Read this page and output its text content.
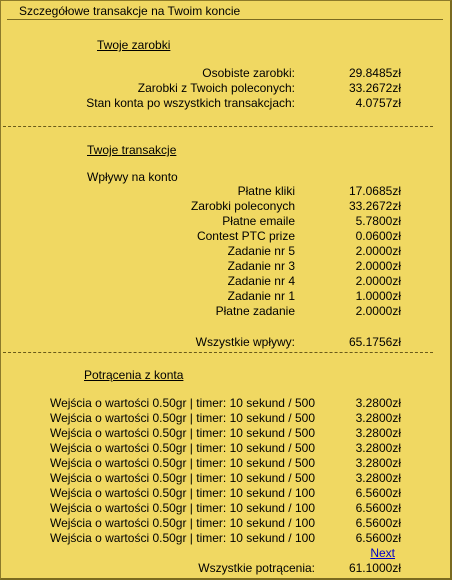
Szczegółowe transakcje na Twoim koncie
Twoje zarobki
Osobiste zarobki:	29.8485zł
Zarobki z Twoich poleconych:	33.2672zł
Stan konta po wszystkich transakcjach:	4.0757zł
Twoje transakcje
Wpływy na konto
Płatne kliki	17.0685zł
Zarobki poleconych	33.2672zł
Płatne emaile	5.7800zł
Contest PTC prize	0.0600zł
Zadanie nr 5	2.0000zł
Zadanie nr 3	2.0000zł
Zadanie nr 4	2.0000zł
Zadanie nr 1	1.0000zł
Płatne zadanie	2.0000zł
Wszystkie wpływy:	65.1756zł
Potrącenia z konta
Wejścia o wartości 0.50gr | timer: 10 sekund / 500	3.2800zł
Wejścia o wartości 0.50gr | timer: 10 sekund / 500	3.2800zł
Wejścia o wartości 0.50gr | timer: 10 sekund / 500	3.2800zł
Wejścia o wartości 0.50gr | timer: 10 sekund / 500	3.2800zł
Wejścia o wartości 0.50gr | timer: 10 sekund / 500	3.2800zł
Wejścia o wartości 0.50gr | timer: 10 sekund / 500	3.2800zł
Wejścia o wartości 0.50gr | timer: 10 sekund / 100	6.5600zł
Wejścia o wartości 0.50gr | timer: 10 sekund / 100	6.5600zł
Wejścia o wartości 0.50gr | timer: 10 sekund / 100	6.5600zł
Wejścia o wartości 0.50gr | timer: 10 sekund / 100	6.5600zł
Next
Wszystkie potrącenia:	61.1000zł
